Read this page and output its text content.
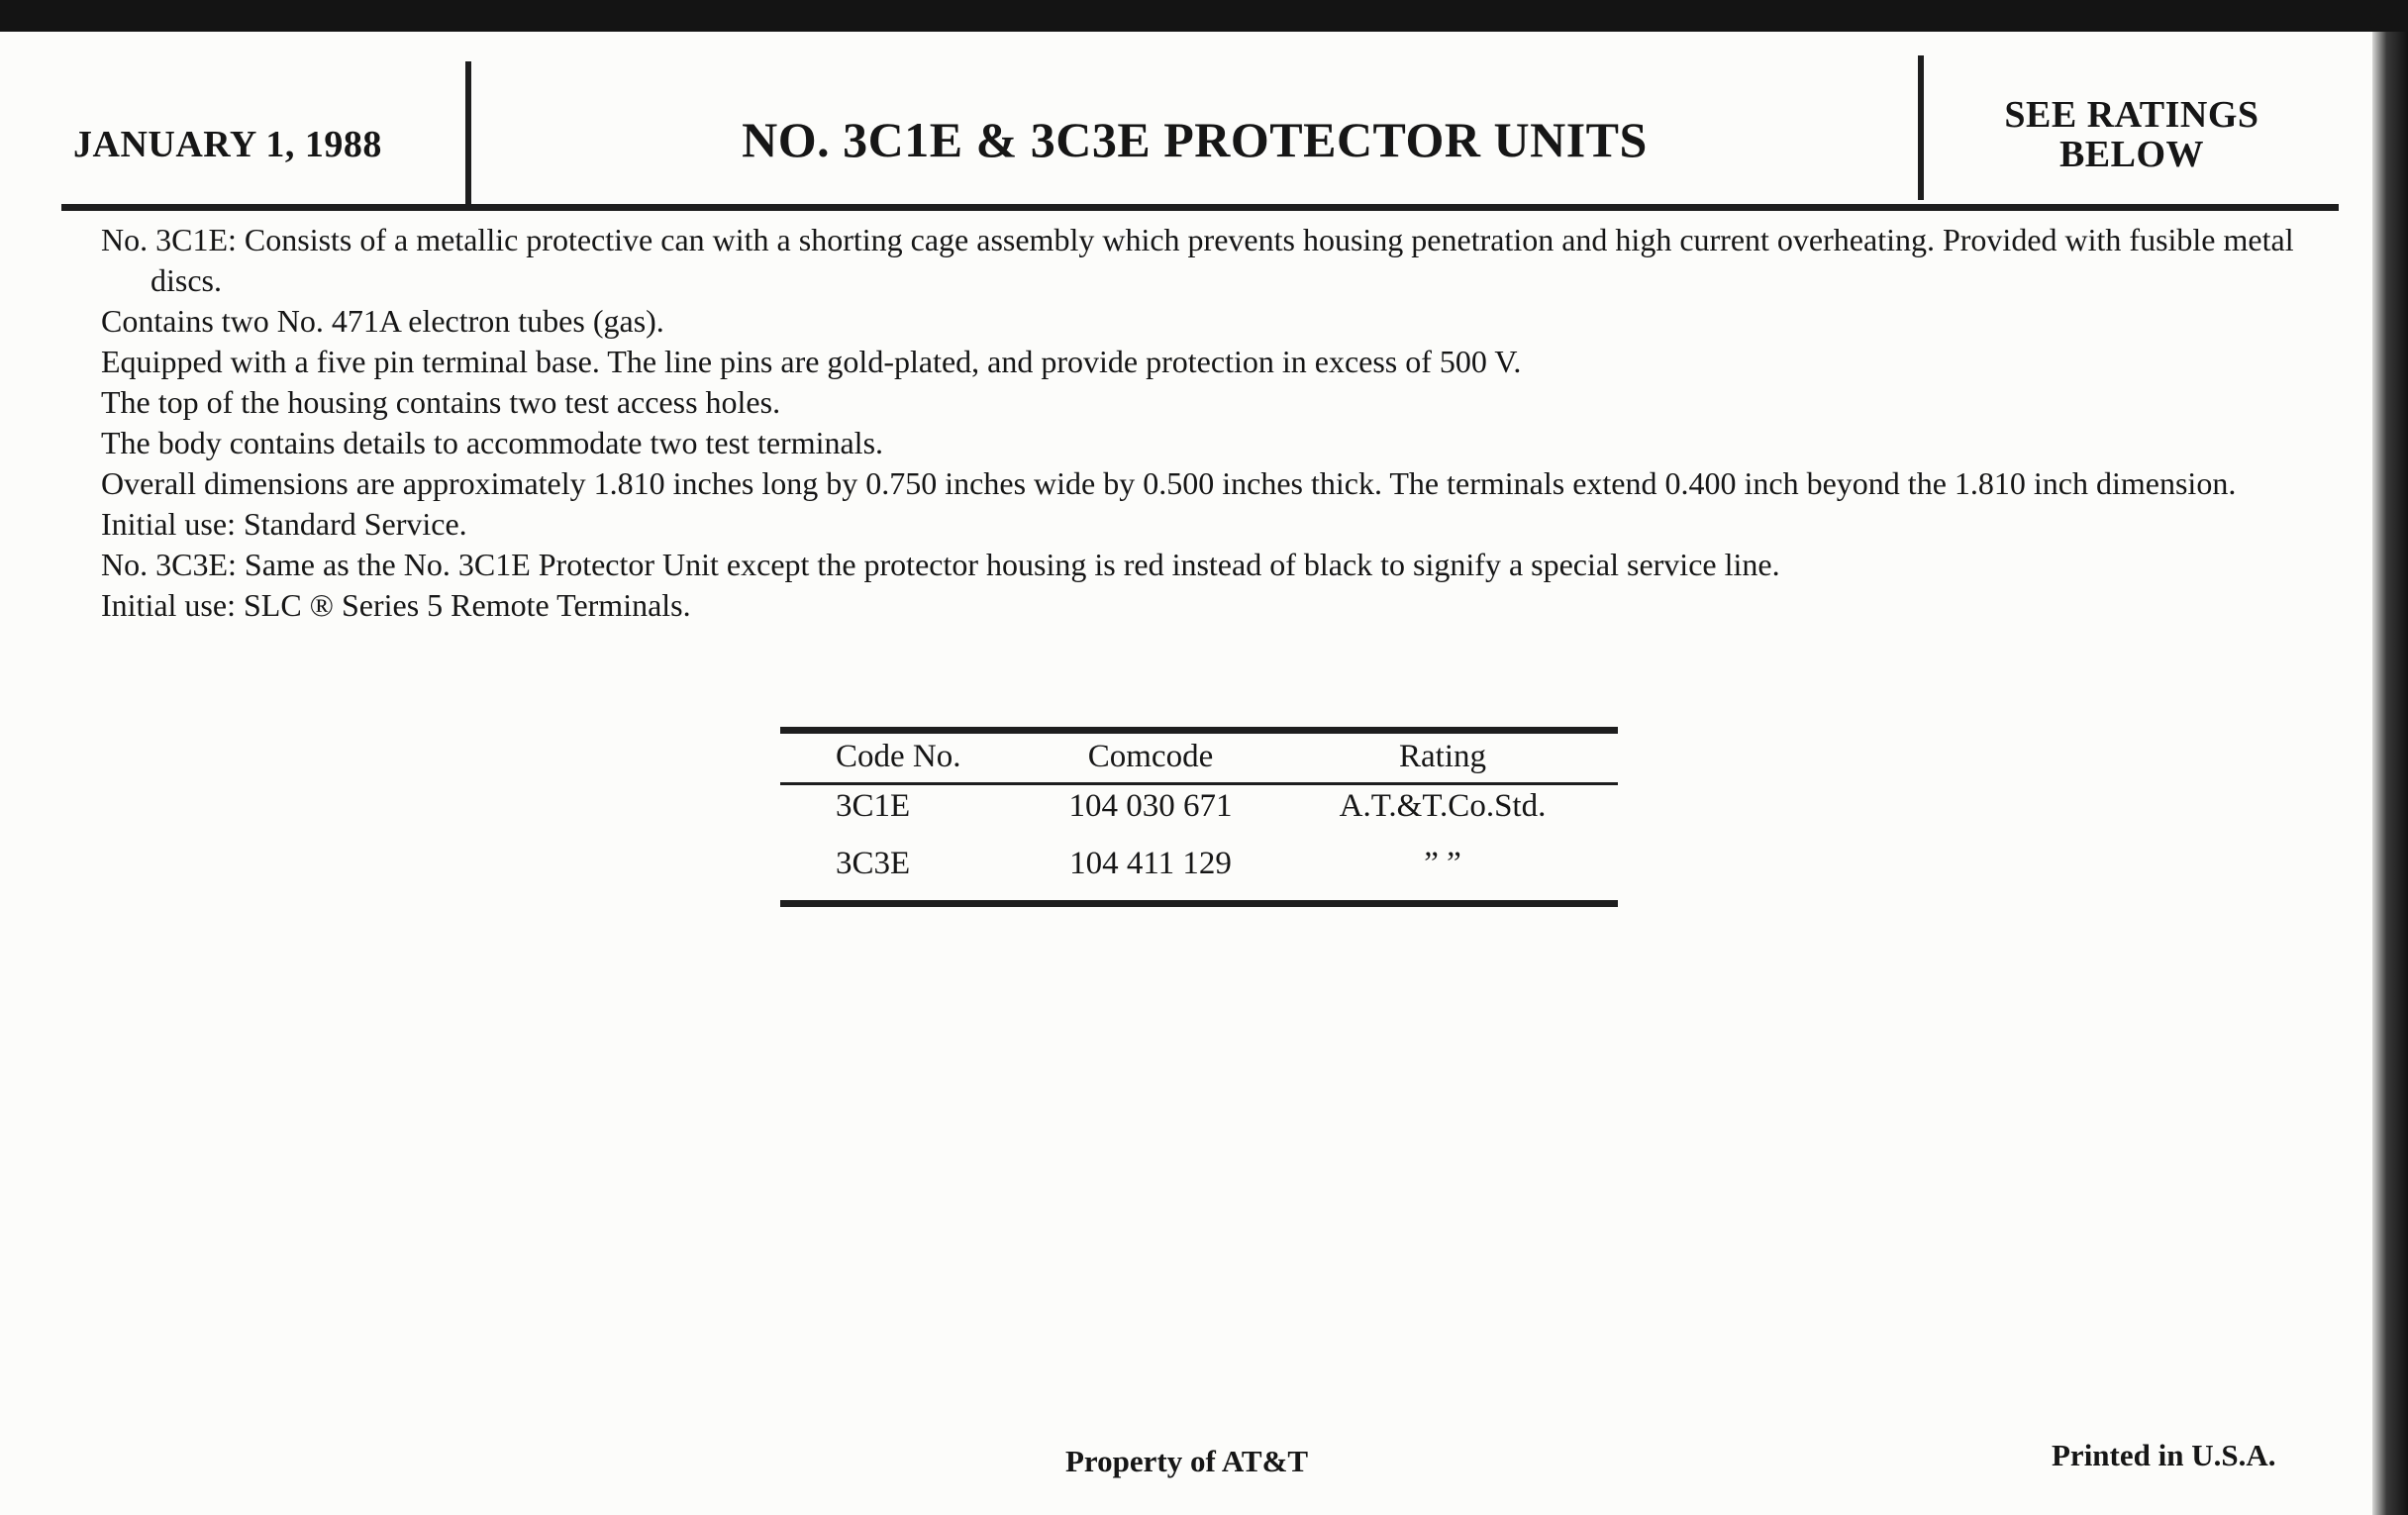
JANUARY 1, 1988	NO. 3C1E & 3C3E PROTECTOR UNITS	SEE RATINGS
BELOW

No. 3C1E: Consists of a metallic protective can with a shorting cage assembly which prevents housing penetration and high current overheating. Provided with fusible metal discs.

Contains two No. 471A electron tubes (gas).

Equipped with a five pin terminal base. The line pins are gold-plated, and provide protection in excess of 500 V.

The top of the housing contains two test access holes.

The body contains details to accommodate two test terminals.

Overall dimensions are approximately 1.810 inches long by 0.750 inches wide by 0.500 inches thick. The terminals extend 0.400 inch beyond the 1.810 inch dimension.

Initial use: Standard Service.

No. 3C3E: Same as the No. 3C1E Protector Unit except the protector housing is red instead of black to signify a special service line.

Initial use: SLC ® Series 5 Remote Terminals.

Code No.	Comcode	Rating
3C1E	104 030 671	A.T.&T.Co.Std.
3C3E	104 411 129	” ”
Property of AT&T	Printed in U.S.A.
